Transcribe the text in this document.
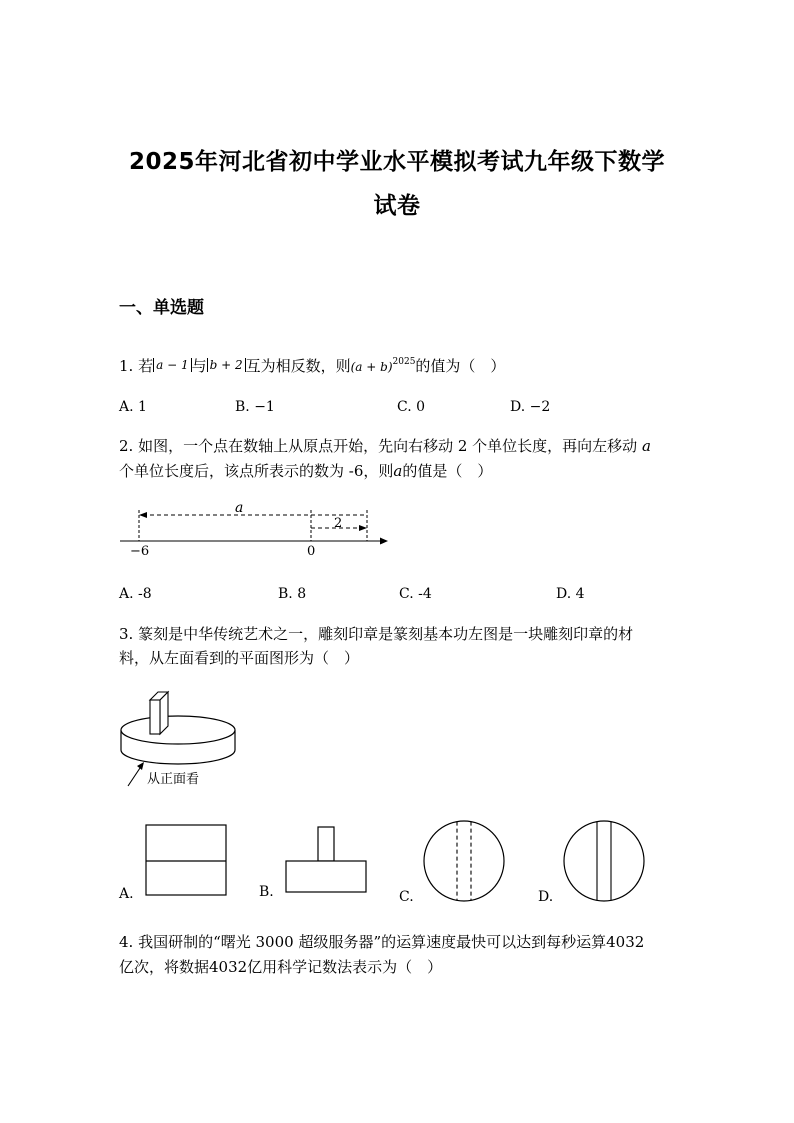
2025年河北省初中学业水平模拟考试九年级下数学
试卷
一、单选题
1. 若 a − 1 与 b + 2 互为相反数，则$(a + b)^{2025}$的值为（　）
A. 1	B. −1	C. 0	D. −2
2. 如图，一个点在数轴上从原点开始，先向右移动 2 个单位长度，再向左移动 a
个单位长度后，该点所表示的数为 -6，则a的值是（　）
a
2
−6	0
A. -8	B. 8	C. -4	D. 4
3. 篆刻是中华传统艺术之一，雕刻印章是篆刻基本功左图是一块雕刻印章的材
料，从左面看到的平面图形为（　）
从正面看
A.	B.	C.	D.
4. 我国研制的“曙光 3000 超级服务器”的运算速度最快可以达到每秒运算4032
亿次，将数据4032亿用科学记数法表示为（　）
